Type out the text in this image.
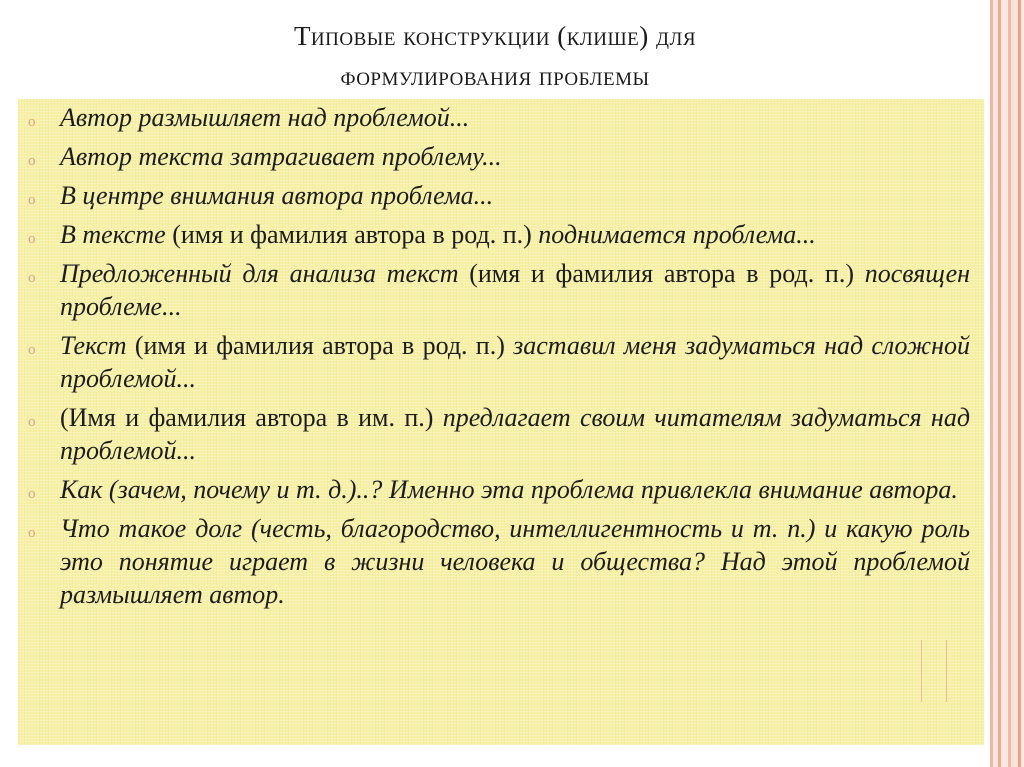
Типовые конструкции (клише) для
формулирования проблемы
o Автор размышляет над проблемой...
o Автор текста затрагивает проблему...
o В центре внимания автора проблема...
o В тексте (имя и фамилия автора в род. п.) поднимается проблема...
o Предложенный для анализа текст (имя и фамилия автора в род. п.) посвящен проблеме...
o Текст (имя и фамилия автора в род. п.) заставил меня задуматься над сложной проблемой...
o (Имя и фамилия автора в им. п.) предлагает своим читателям задуматься над проблемой...
o Как (зачем, почему и т. д.)..? Именно эта проблема привлекла внимание автора.
o Что такое долг (честь, благородство, интеллигентность и т. п.) и какую роль это понятие играет в жизни человека и общества? Над этой проблемой размышляет автор.
